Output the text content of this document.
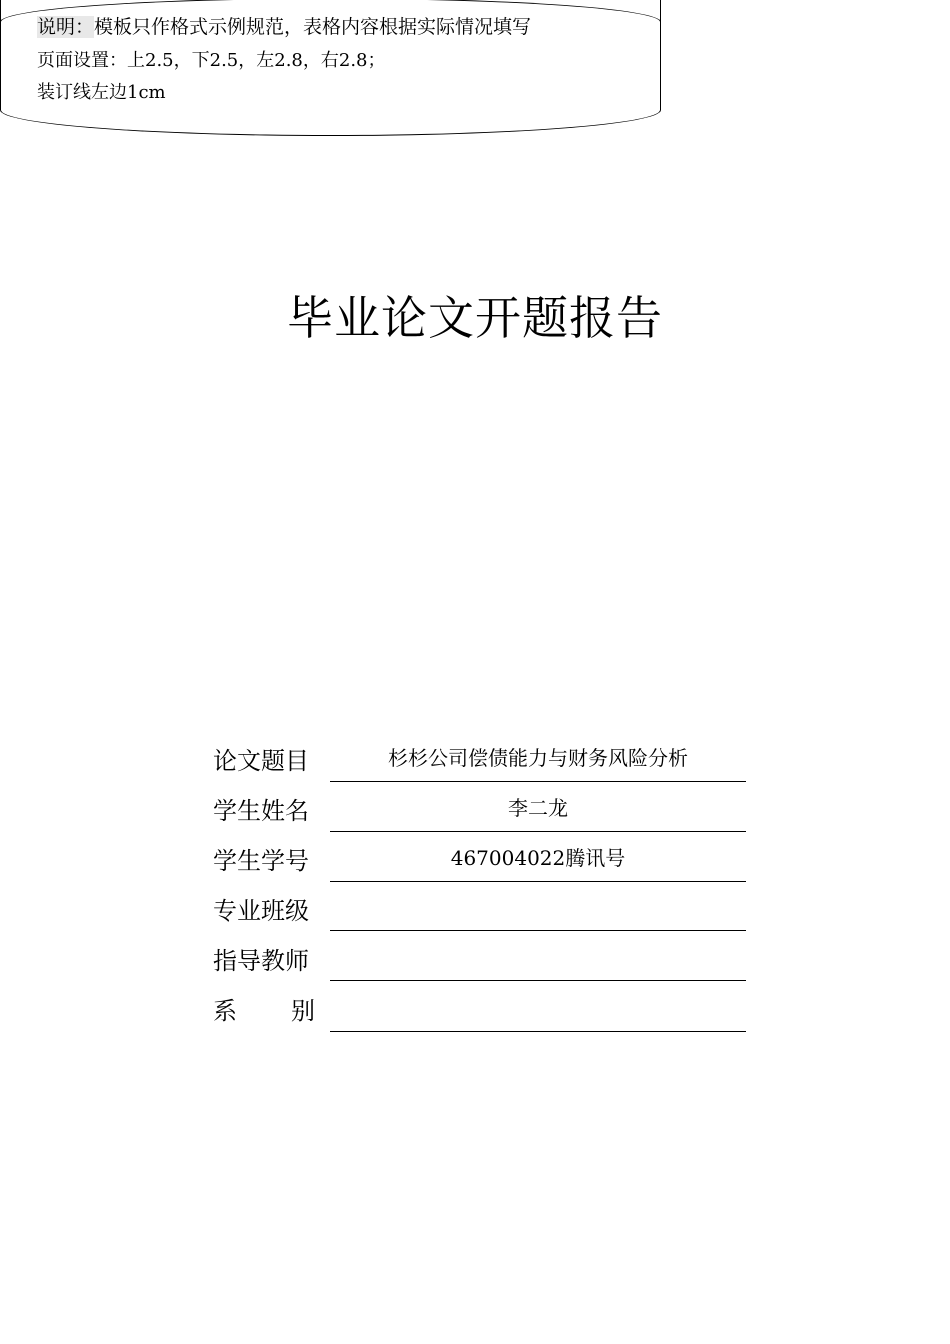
说明：模板只作格式示例规范，表格内容根据实际情况填写
页面设置：上2.5，下2.5，左2.8，右2.8；
装订线左边1cm
毕业论文开题报告
论文题目	杉杉公司偿债能力与财务风险分析
学生姓名	李二龙
学生学号	467004022腾讯号
专业班级
指导教师
系 别
